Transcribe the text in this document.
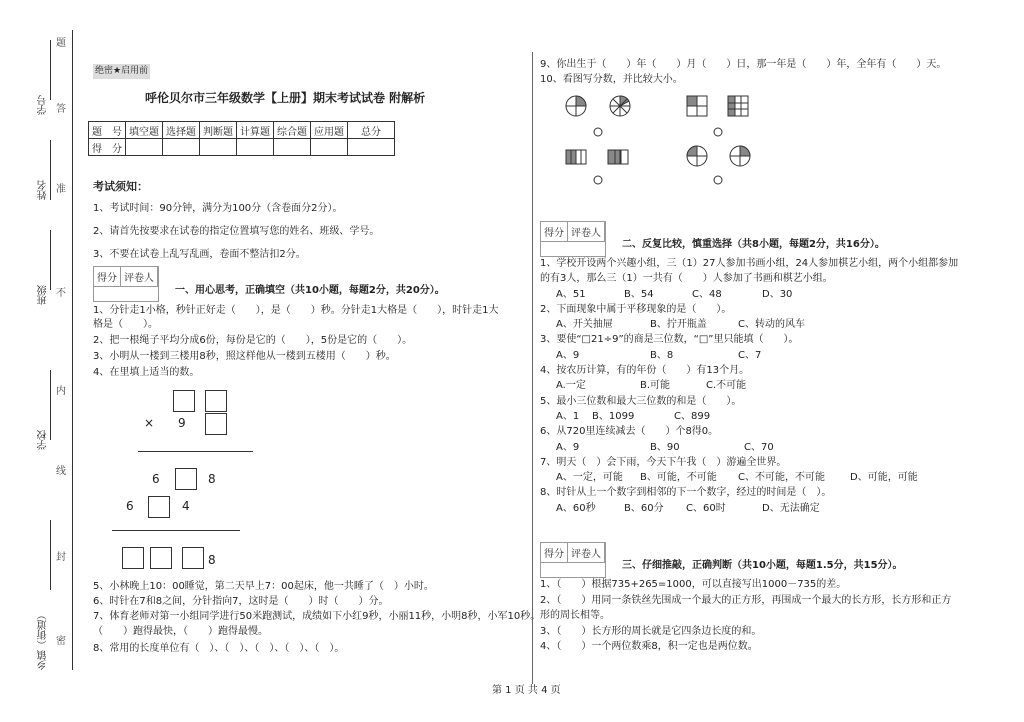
学号
姓名
班级
学校
乡镇（街道）
题
答
准
不
内
线
封
密
绝密★启用前
呼伦贝尔市三年级数学【上册】期末考试试卷 附解析
题　号	填空题	选择题	判断题	计算题	综合题	应用题	总分
得　分							
考试须知：
1、考试时间：90分钟，满分为100分（含卷面分2分）。
2、请首先按要求在试卷的指定位置填写您的姓名、班级、学号。
3、不要在试卷上乱写乱画，卷面不整洁扣2分。
得分 评卷人
一、用心思考，正确填空（共10小题，每题2分，共20分）。
1、分针走1小格，秒针正好走（　　），是（　　）秒。分针走1大格是（　　），时针走1大
格是（　　）。
2、把一根绳子平均分成6份，每份是它的（　　），5份是它的（　　）。
3、小明从一楼到三楼用8秒，照这样他从一楼到五楼用（　　）秒。
4、在里填上适当的数。
× 9
6	8
6	4
8
5、小林晚上10：00睡觉，第二天早上7：00起床，他一共睡了（　）小时。
6、时针在7和8之间，分针指向7，这时是（　　）时（　　）分。
7、体育老师对第一小组同学进行50米跑测试，成绩如下小红9秒，小丽11秒，小明8秒，小军10秒。
（　　）跑得最快，（　　）跑得最慢。
8、常用的长度单位有（　）、（　）、（　）、（　）、（　）。
9、你出生于（　　）年（　　）月（　　）日，那一年是（　　）年，全年有（　　）天。
10、看图写分数，并比较大小。
得分 评卷人
二、反复比较，慎重选择（共8小题，每题2分，共16分）。
1、学校开设两个兴趣小组，三（1）27人参加书画小组，24人参加棋艺小组，两个小组都参加
的有3人，那么三（1）一共有（　　）人参加了书画和棋艺小组。
A、51	B、54	C、48	D、30
2、下面现象中属于平移现象的是（　　）。
A、开关抽屉	B、拧开瓶盖	C、转动的风车
3、要使“□21÷9”的商是三位数，“□”里只能填（　　）。
A、9	B、8	C、7
4、按农历计算，有的年份（　　）有13个月。
A.一定	B.可能	C.不可能
5、最小三位数和最大三位数的和是（　　）。
A、1 B、1099	C、899
6、从720里连续减去（　　）个8得0。
A、9	B、90	C、70
7、明天（　）会下雨，今天下午我（　）游遍全世界。
A、一定，可能 B、可能，不可能 C、不可能，不可能	D、可能，可能
8、时针从上一个数字到相邻的下一个数字，经过的时间是（　）。
A、60秒	B、60分 C、60时	D、无法确定
得分 评卷人
三、仔细推敲，正确判断（共10小题，每题1.5分，共15分）。
1、（　　）根据735+265=1000，可以直接写出1000－735的差。
2、（　　）用同一条铁丝先围成一个最大的正方形，再围成一个最大的长方形，长方形和正方
形的周长相等。
3、（　　）长方形的周长就是它四条边长度的和。
4、（　　）一个两位数乘8，积一定也是两位数。
第 1 页 共 4 页
